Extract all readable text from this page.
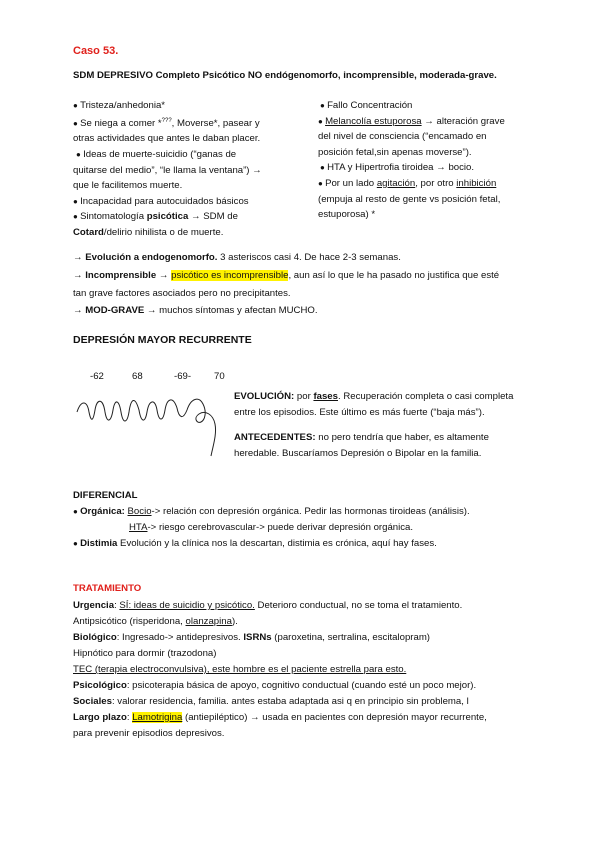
Caso 53.
SDM DEPRESIVO Completo Psicótico NO endógenomorfo, incomprensible, moderada-grave.
● Tristeza/anhedonia*
● Se niega a comer *???, Moverse*, pasear y
otras actividades que antes le daban placer.
● Ideas de muerte-suicidio (“ganas de
quitarse del medio”, “le llama la ventana”) →
que le facilitemos muerte.
● Incapacidad para autocuidados básicos
● Sintomatología psicótica → SDM de
Cotard/delirio nihilista o de muerte.
● Fallo Concentración
● Melancolía estuporosa → alteración grave
del nivel de consciencia (“encamado en
posición fetal,sin apenas moverse”).
● HTA y Hipertrofia tiroidea → bocio.
● Por un lado agitación, por otro inhibición
(empuja al resto de gente vs posición fetal,
estuporosa) *
→ Evolución a endogenomorfo. 3 asteriscos casi 4. De hace 2-3 semanas.
→ Incomprensible → psicótico es incomprensible, aun así lo que le ha pasado no justifica que esté
tan grave factores asociados pero no precipitantes.
→ MOD-GRAVE → muchos síntomas y afectan MUCHO.
DEPRESIÓN MAYOR RECURRENTE
-62	68	-69- 70
EVOLUCIÓN: por fases. Recuperación completa o casi completa
entre los episodios. Este último es más fuerte (“baja más”).
ANTECEDENTES: no pero tendría que haber, es altamente
heredable. Buscaríamos Depresión o Bipolar en la familia.
DIFERENCIAL
● Orgánica: Bocio-> relación con depresión orgánica. Pedir las hormonas tiroideas (análisis).
HTA-> riesgo cerebrovascular-> puede derivar depresión orgánica.
● Distimia Evolución y la clínica nos la descartan, distimia es crónica, aquí hay fases.
TRATAMIENTO
Urgencia: SÍ: ideas de suicidio y psicótico. Deterioro conductual, no se toma el tratamiento.
Antipsicótico (risperidona, olanzapina).
Biológico: Ingresado-> antidepresivos. ISRNs (paroxetina, sertralina, escitalopram)
Hipnótico para dormir (trazodona)
TEC (terapia electroconvulsiva), este hombre es el paciente estrella para esto.
Psicológico: psicoterapia básica de apoyo, cognitivo conductual (cuando esté un poco mejor).
Sociales: valorar residencia, familia. antes estaba adaptada asi q en principio sin problema, l
Largo plazo: Lamotrigina (antiepiléptico) → usada en pacientes con depresión mayor recurrente,
para prevenir episodios depresivos.
